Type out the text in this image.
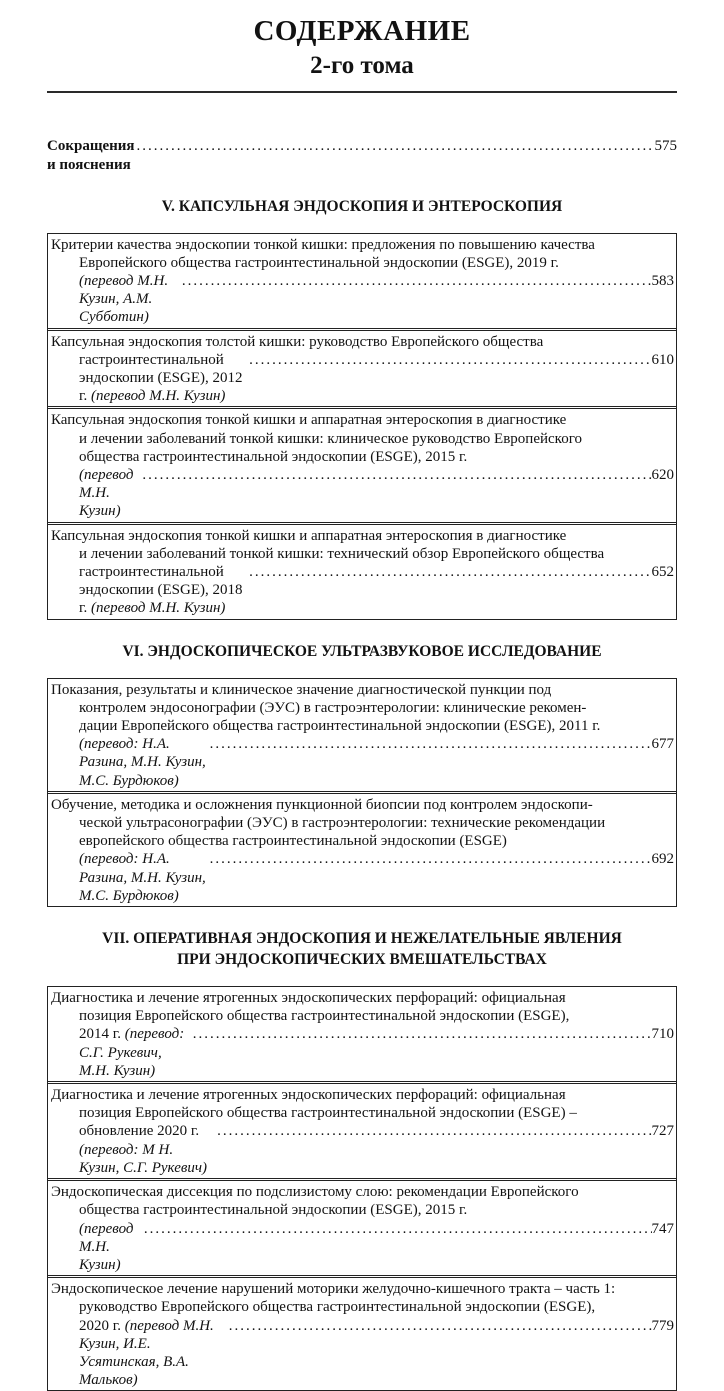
СОДЕРЖАНИЕ
2-го тома
Сокращения и пояснения
.....
575
V. КАПСУЛЬНАЯ ЭНДОСКОПИЯ И ЭНТЕРОСКОПИЯ
Критерии качества эндоскопии тонкой кишки: предложения по повышению качества
Европейского общества гастроинтестинальной эндоскопии (ESGE), 2019 г.
(перевод М.Н. Кузин, А.М. Субботин)
.....
583
Капсульная эндоскопия толстой кишки: руководство Европейского общества
гастроинтестинальной эндоскопии (ESGE), 2012 г. (перевод М.Н. Кузин)
.....
610
Капсульная эндоскопия тонкой кишки и аппаратная энтероскопия в диагностике
и лечении заболеваний тонкой кишки: клиническое руководство Европейского
общества гастроинтестинальной эндоскопии (ESGE), 2015 г.
(перевод М.Н. Кузин)
.....
620
Капсульная эндоскопия тонкой кишки и аппаратная энтероскопия в диагностике
и лечении заболеваний тонкой кишки: технический обзор Европейского общества
гастроинтестинальной эндоскопии (ESGE), 2018 г. (перевод М.Н. Кузин)
.....
652
VI. ЭНДОСКОПИЧЕСКОЕ УЛЬТРАЗВУКОВОЕ ИССЛЕДОВАНИЕ
Показания, результаты и клиническое значение диагностической пункции под
контролем эндосонографии (ЭУС) в гастроэнтерологии: клинические рекомен-
дации Европейского общества гастроинтестинальной эндоскопии (ESGE), 2011 г.
(перевод: Н.А. Разина, М.Н. Кузин, М.С. Бурдюков)
.....
677
Обучение, методика и осложнения пункционной биопсии под контролем эндоскопи-
ческой ультрасонографии (ЭУС) в гастроэнтерологии: технические рекомендации
европейского общества гастроинтестинальной эндоскопии (ESGE)
(перевод: Н.А. Разина, М.Н. Кузин, М.С. Бурдюков)
.....
692
VII. ОПЕРАТИВНАЯ ЭНДОСКОПИЯ И НЕЖЕЛАТЕЛЬНЫЕ ЯВЛЕНИЯ
ПРИ ЭНДОСКОПИЧЕСКИХ ВМЕШАТЕЛЬСТВАХ
Диагностика и лечение ятрогенных эндоскопических перфораций: официальная
позиция Европейского общества гастроинтестинальной эндоскопии (ESGE),
2014 г. (перевод: С.Г. Рукевич, М.Н. Кузин)
.....
710
Диагностика и лечение ятрогенных эндоскопических перфораций: официальная
позиция Европейского общества гастроинтестинальной эндоскопии (ESGE) –
обновление 2020 г. (перевод: М Н. Кузин, С.Г. Рукевич)
.....
727
Эндоскопическая диссекция по подслизистому слою: рекомендации Европейского
общества гастроинтестинальной эндоскопии (ESGE), 2015 г.
(перевод М.Н. Кузин)
.....
747
Эндоскопическое лечение нарушений моторики желудочно-кишечного тракта – часть 1:
руководство Европейского общества гастроинтестинальной эндоскопии (ESGE),
2020 г. (перевод М.Н. Кузин, И.Е. Усятинская, В.А. Мальков)
.....
779
